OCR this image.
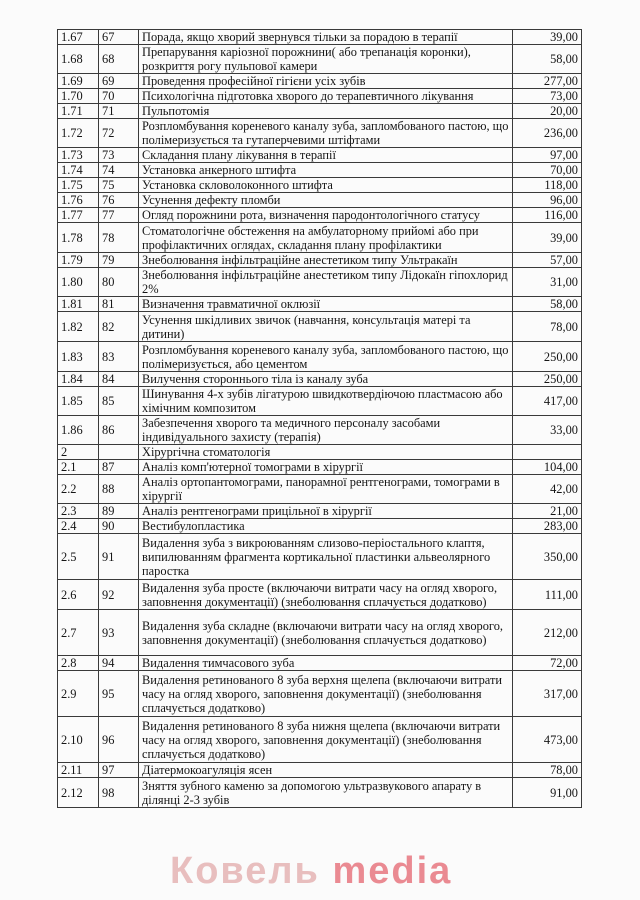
1.67	67	Порада, якщо хворий звернувся тільки за порадою в терапії	39,00
1.68	68	Препарування каріозної порожнини( або трепанація коронки), розкриття рогу пульпової камери	58,00
1.69	69	Проведення професійної гігієни усіх зубів	277,00
1.70	70	Психологічна підготовка хворого до терапевтичного лікування	73,00
1.71	71	Пульпотомія	20,00
1.72	72	Розпломбування кореневого каналу зуба, запломбованого пастою, що полімеризується та гутаперчевими штіфтами	236,00
1.73	73	Складання плану лікування в терапії	97,00
1.74	74	Установка анкерного штифта	70,00
1.75	75	Установка скловолоконного штифта	118,00
1.76	76	Усунення дефекту пломби	96,00
1.77	77	Огляд порожнини рота, визначення пародонтологічного статусу	116,00
1.78	78	Стоматологічне обстеження на амбулаторному прийомі або при профілактичних оглядах, складання плану профілактики	39,00
1.79	79	Знеболювання інфільтраційне анестетиком типу Ультракаїн	57,00
1.80	80	Знеболювання інфільтраційне анестетиком типу Лідокаїн гіпохлорид 2%	31,00
1.81	81	Визначення травматичної оклюзії	58,00
1.82	82	Усунення шкідливих звичок (навчання, консультація матері та дитини)	78,00
1.83	83	Розпломбування кореневого каналу зуба, запломбованого пастою, що полімеризується, або цементом	250,00
1.84	84	Вилучення стороннього тіла із каналу зуба	250,00
1.85	85	Шинування 4-х зубів лігатурою швидкотвердіючою пластмасою або хімічним композитом	417,00
1.86	86	Забезпечення хворого та медичного персоналу засобами індивідуального захисту (терапія)	33,00
2		Хірургічна стоматологія	
2.1	87	Аналіз комп'ютерної томограми в хірургії	104,00
2.2	88	Аналіз ортопантомограми, панорамної рентгенограми, томограми в хірургії	42,00
2.3	89	Аналіз рентгенограми прицільної в хірургії	21,00
2.4	90	Вестибулопластика	283,00
2.5	91	Видалення зуба з викроюванням слизово-періостального клаптя, випилюванням фрагмента кортикальної пластинки альвеолярного паростка	350,00
2.6	92	Видалення зуба просте (включаючи витрати часу на огляд хворого, заповнення документації) (знеболювання сплачується додатково)	111,00
2.7	93	Видалення зуба складне (включаючи витрати часу на огляд хворого, заповнення документації) (знеболювання сплачується додатково)	212,00
2.8	94	Видалення тимчасового зуба	72,00
2.9	95	Видалення ретинованого 8 зуба верхня щелепа (включаючи витрати часу на огляд хворого, заповнення документації) (знеболювання сплачується додатково)	317,00
2.10	96	Видалення ретинованого 8 зуба нижня щелепа (включаючи витрати часу на огляд хворого, заповнення документації) (знеболювання сплачується додатково)	473,00
2.11	97	Діатермокоагуляція ясен	78,00
2.12	98	Зняття зубного каменю за допомогою ультразвукового апарату в ділянці 2-3 зубів	91,00
Ковель media
